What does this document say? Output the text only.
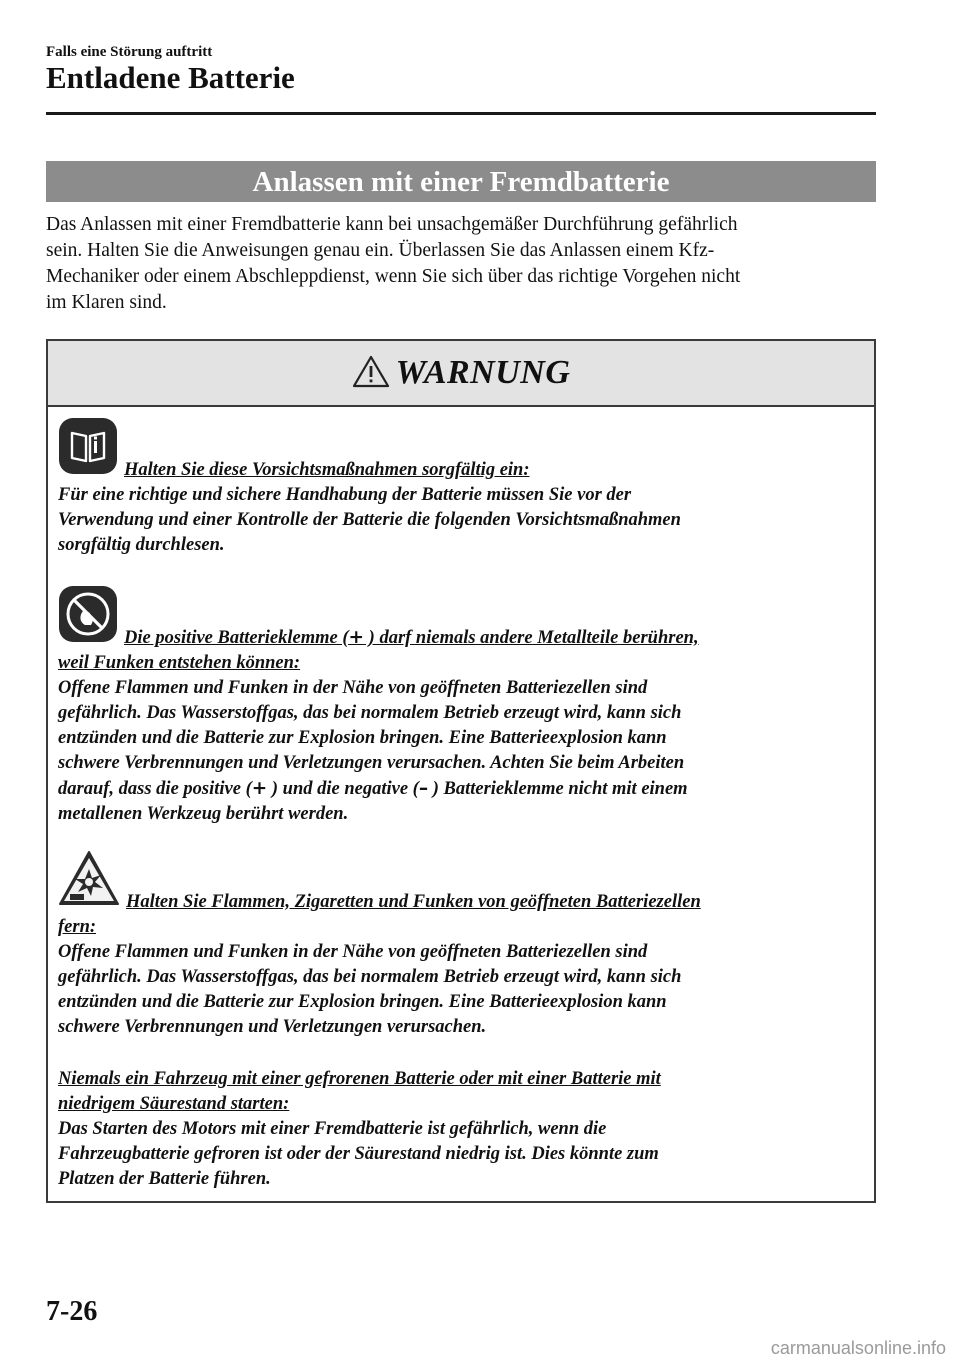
Falls eine Störung auftritt
Entladene Batterie
Anlassen mit einer Fremdbatterie

Das Anlassen mit einer Fremdbatterie kann bei unsachgemäßer Durchführung gefährlich
sein. Halten Sie die Anweisungen genau ein. Überlassen Sie das Anlassen einem Kfz-
Mechaniker oder einem Abschleppdienst, wenn Sie sich über das richtige Vorgehen nicht
im Klaren sind.

WARNUNG

Halten Sie diese Vorsichtsmaßnahmen sorgfältig ein:

Für eine richtige und sichere Handhabung der Batterie müssen Sie vor der
Verwendung und einer Kontrolle der Batterie die folgenden Vorsichtsmaßnahmen
sorgfältig durchlesen.

Die positive Batterieklemme (+ ) darf niemals andere Metallteile berühren,
weil Funken entstehen können:

Offene Flammen und Funken in der Nähe von geöffneten Batteriezellen sind
gefährlich. Das Wasserstoffgas, das bei normalem Betrieb erzeugt wird, kann sich
entzünden und die Batterie zur Explosion bringen. Eine Batterieexplosion kann
schwere Verbrennungen und Verletzungen verursachen. Achten Sie beim Arbeiten
darauf, dass die positive (+ ) und die negative (– ) Batterieklemme nicht mit einem
metallenen Werkzeug berührt werden.

Halten Sie Flammen, Zigaretten und Funken von geöffneten Batteriezellen
fern:

Offene Flammen und Funken in der Nähe von geöffneten Batteriezellen sind
gefährlich. Das Wasserstoffgas, das bei normalem Betrieb erzeugt wird, kann sich
entzünden und die Batterie zur Explosion bringen. Eine Batterieexplosion kann
schwere Verbrennungen und Verletzungen verursachen.

Niemals ein Fahrzeug mit einer gefrorenen Batterie oder mit einer Batterie mit
niedrigem Säurestand starten:

Das Starten des Motors mit einer Fremdbatterie ist gefährlich, wenn die
Fahrzeugbatterie gefroren ist oder der Säurestand niedrig ist. Dies könnte zum
Platzen der Batterie führen.

7-26
carmanualsonline.info
